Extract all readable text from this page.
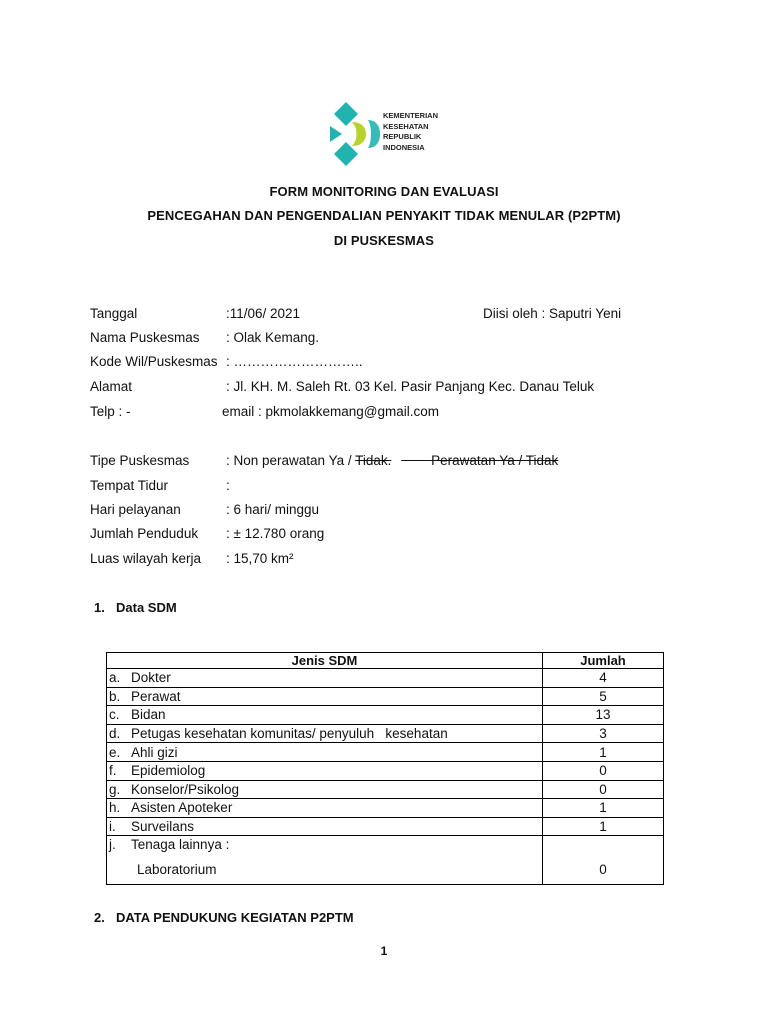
KEMENTERIAN
KESEHATAN
REPUBLIK
INDONESIA
FORM MONITORING DAN EVALUASI
PENCEGAHAN DAN PENGENDALIAN PENYAKIT TIDAK MENULAR (P2PTM)
DI PUSKESMAS
Tanggal	:11/06/ 2021	Diisi oleh : Saputri Yeni
Nama Puskesmas : Olak Kemang.
Kode Wil/Puskesmas : ………………………..
Alamat	: Jl. KH. M. Saleh Rt. 03 Kel. Pasir Panjang Kec. Danau Teluk
Telp : -	email : pkmolakkemang@gmail.com
Tipe Puskesmas	: Non perawatan Ya / Tidak.	Perawatan Ya / Tidak
Tempat Tidur	:
Hari pelayanan	: 6 hari/ minggu
Jumlah Penduduk : ± 12.780 orang
Luas wilayah kerja : 15,70 km²
1. Data SDM
Jenis SDM	Jumlah
a. Dokter	4
b. Perawat	5
c. Bidan	13
d. Petugas kesehatan komunitas/ penyuluh   kesehatan	3
e. Ahli gizi	1
f. Epidemiolog	0
g. Konselor/Psikolog	0
h. Asisten Apoteker	1
i. Surveilans	1
j. Tenaga lainnya :
Laboratorium	0
2. DATA PENDUKUNG KEGIATAN P2PTM
1
